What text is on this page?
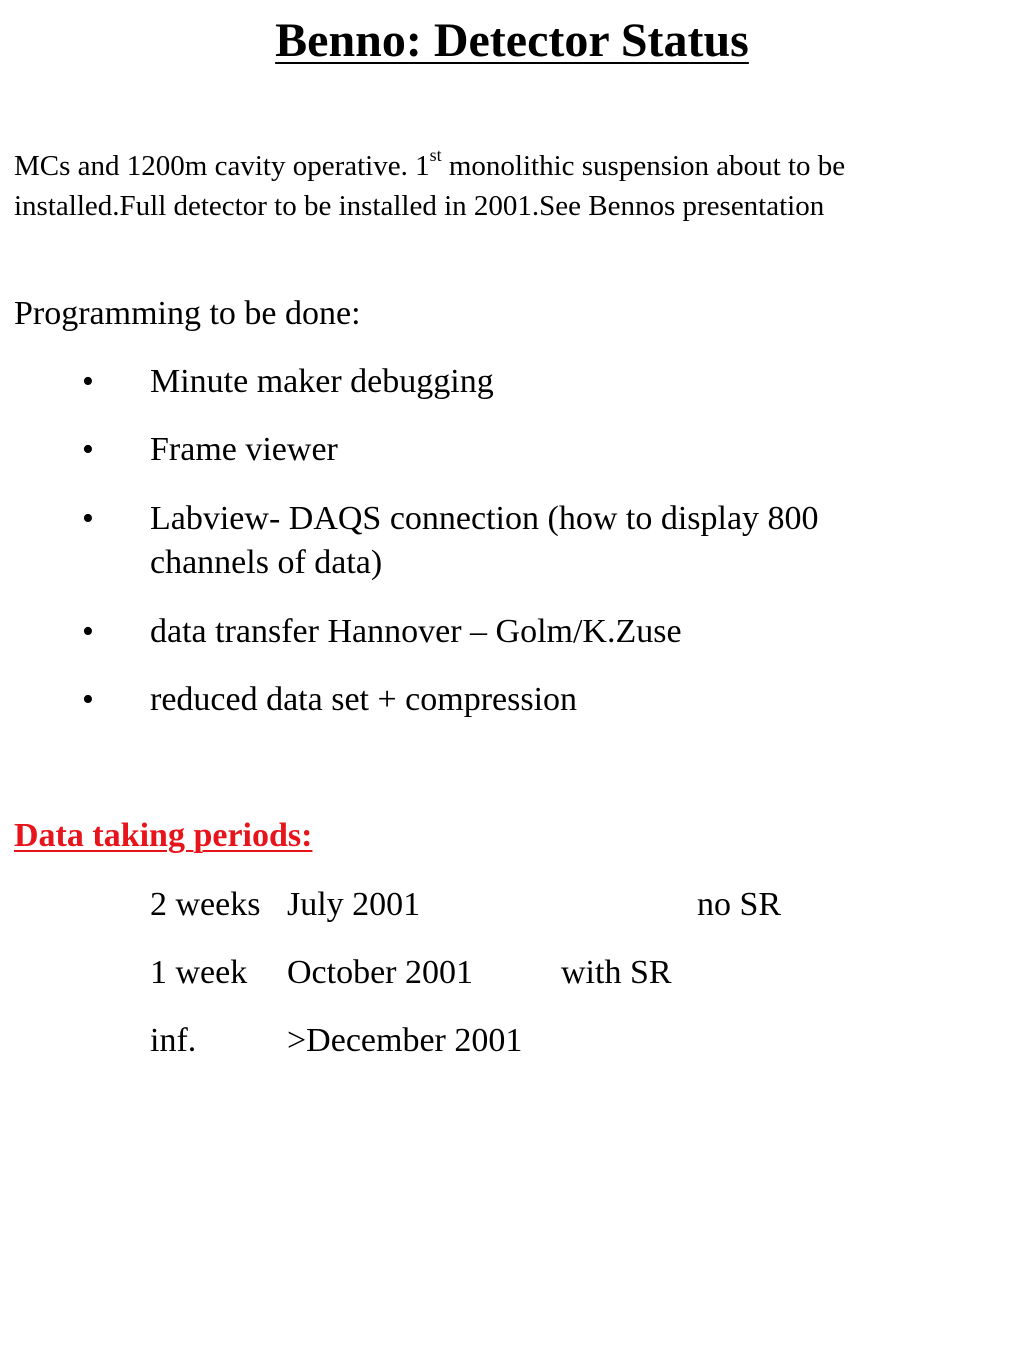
Benno: Detector Status
MCs and 1200m cavity operative. 1st monolithic suspension about to be installed.Full detector to be installed in 2001.See Bennos presentation
Programming to be done:
• Minute maker debugging
• Frame viewer
• Labview- DAQS connection (how to display 800 channels of data)
• data transfer Hannover – Golm/K.Zuse
• reduced data set + compression
Data taking periods:
2 weeks July 2001	no SR
1 week October 2001	with SR
inf.	>December 2001
